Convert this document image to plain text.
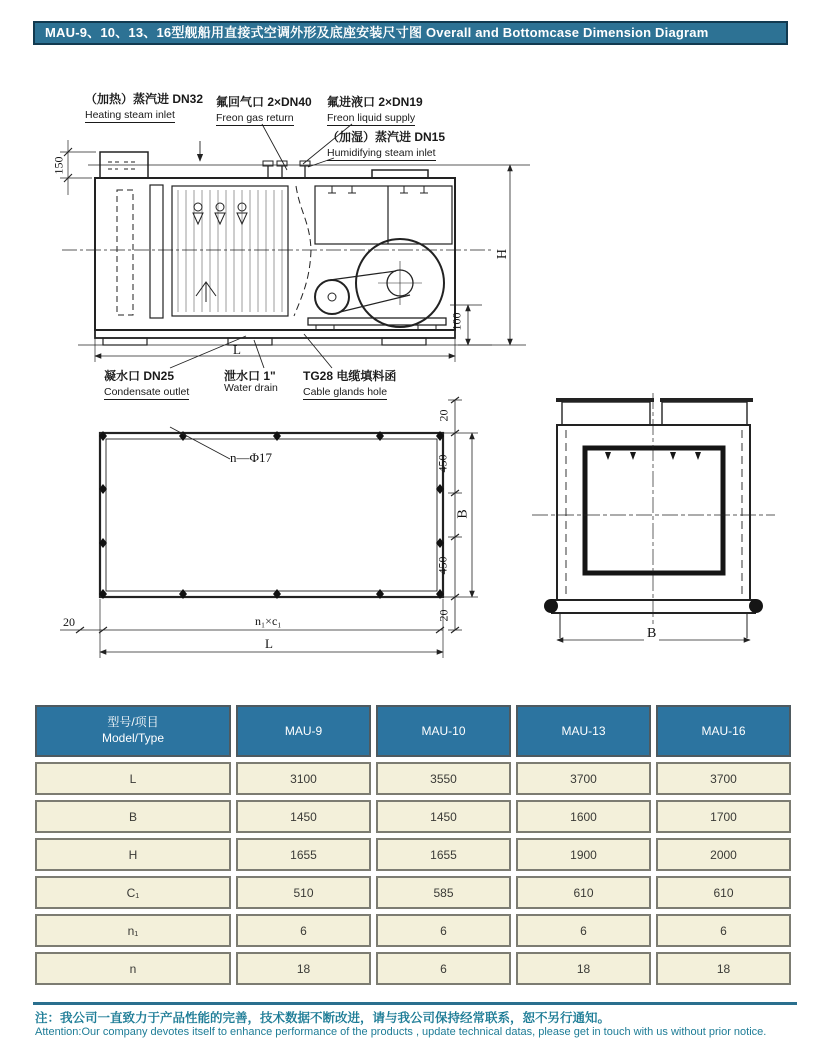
MAU-9、10、13、16型舰船用直接式空调外形及底座安装尺寸图 Overall and Bottomcase Dimension Diagram
（加热）蒸汽进 DN32
Heating steam inlet
氟回气口 2×DN40
Freon gas return
氟进液口 2×DN19
Freon liquid supply
（加湿）蒸汽进 DN15
Humidifying steam inlet
凝水口 DN25
Condensate outlet
泄水口 1"
Water drain
TG28 电缆填料函
Cable glands hole
150
H
100
L
n—Φ17
20
450
B
450
20
20	n₁×c₁
L
B
型号/项目
Model/Type	MAU-9	MAU-10	MAU-13	MAU-16
L	3100	3550	3700	3700
B	1450	1450	1600	1700
H	1655	1655	1900	2000
C₁	510	585	610	610
n₁	6	6	6	6
n	18	6	18	18
注：我公司一直致力于产品性能的完善，技术数据不断改进，请与我公司保持经常联系，恕不另行通知。
Attention:Our company devotes itself to enhance performance of the products , update technical datas, please get in touch with us without prior notice.
